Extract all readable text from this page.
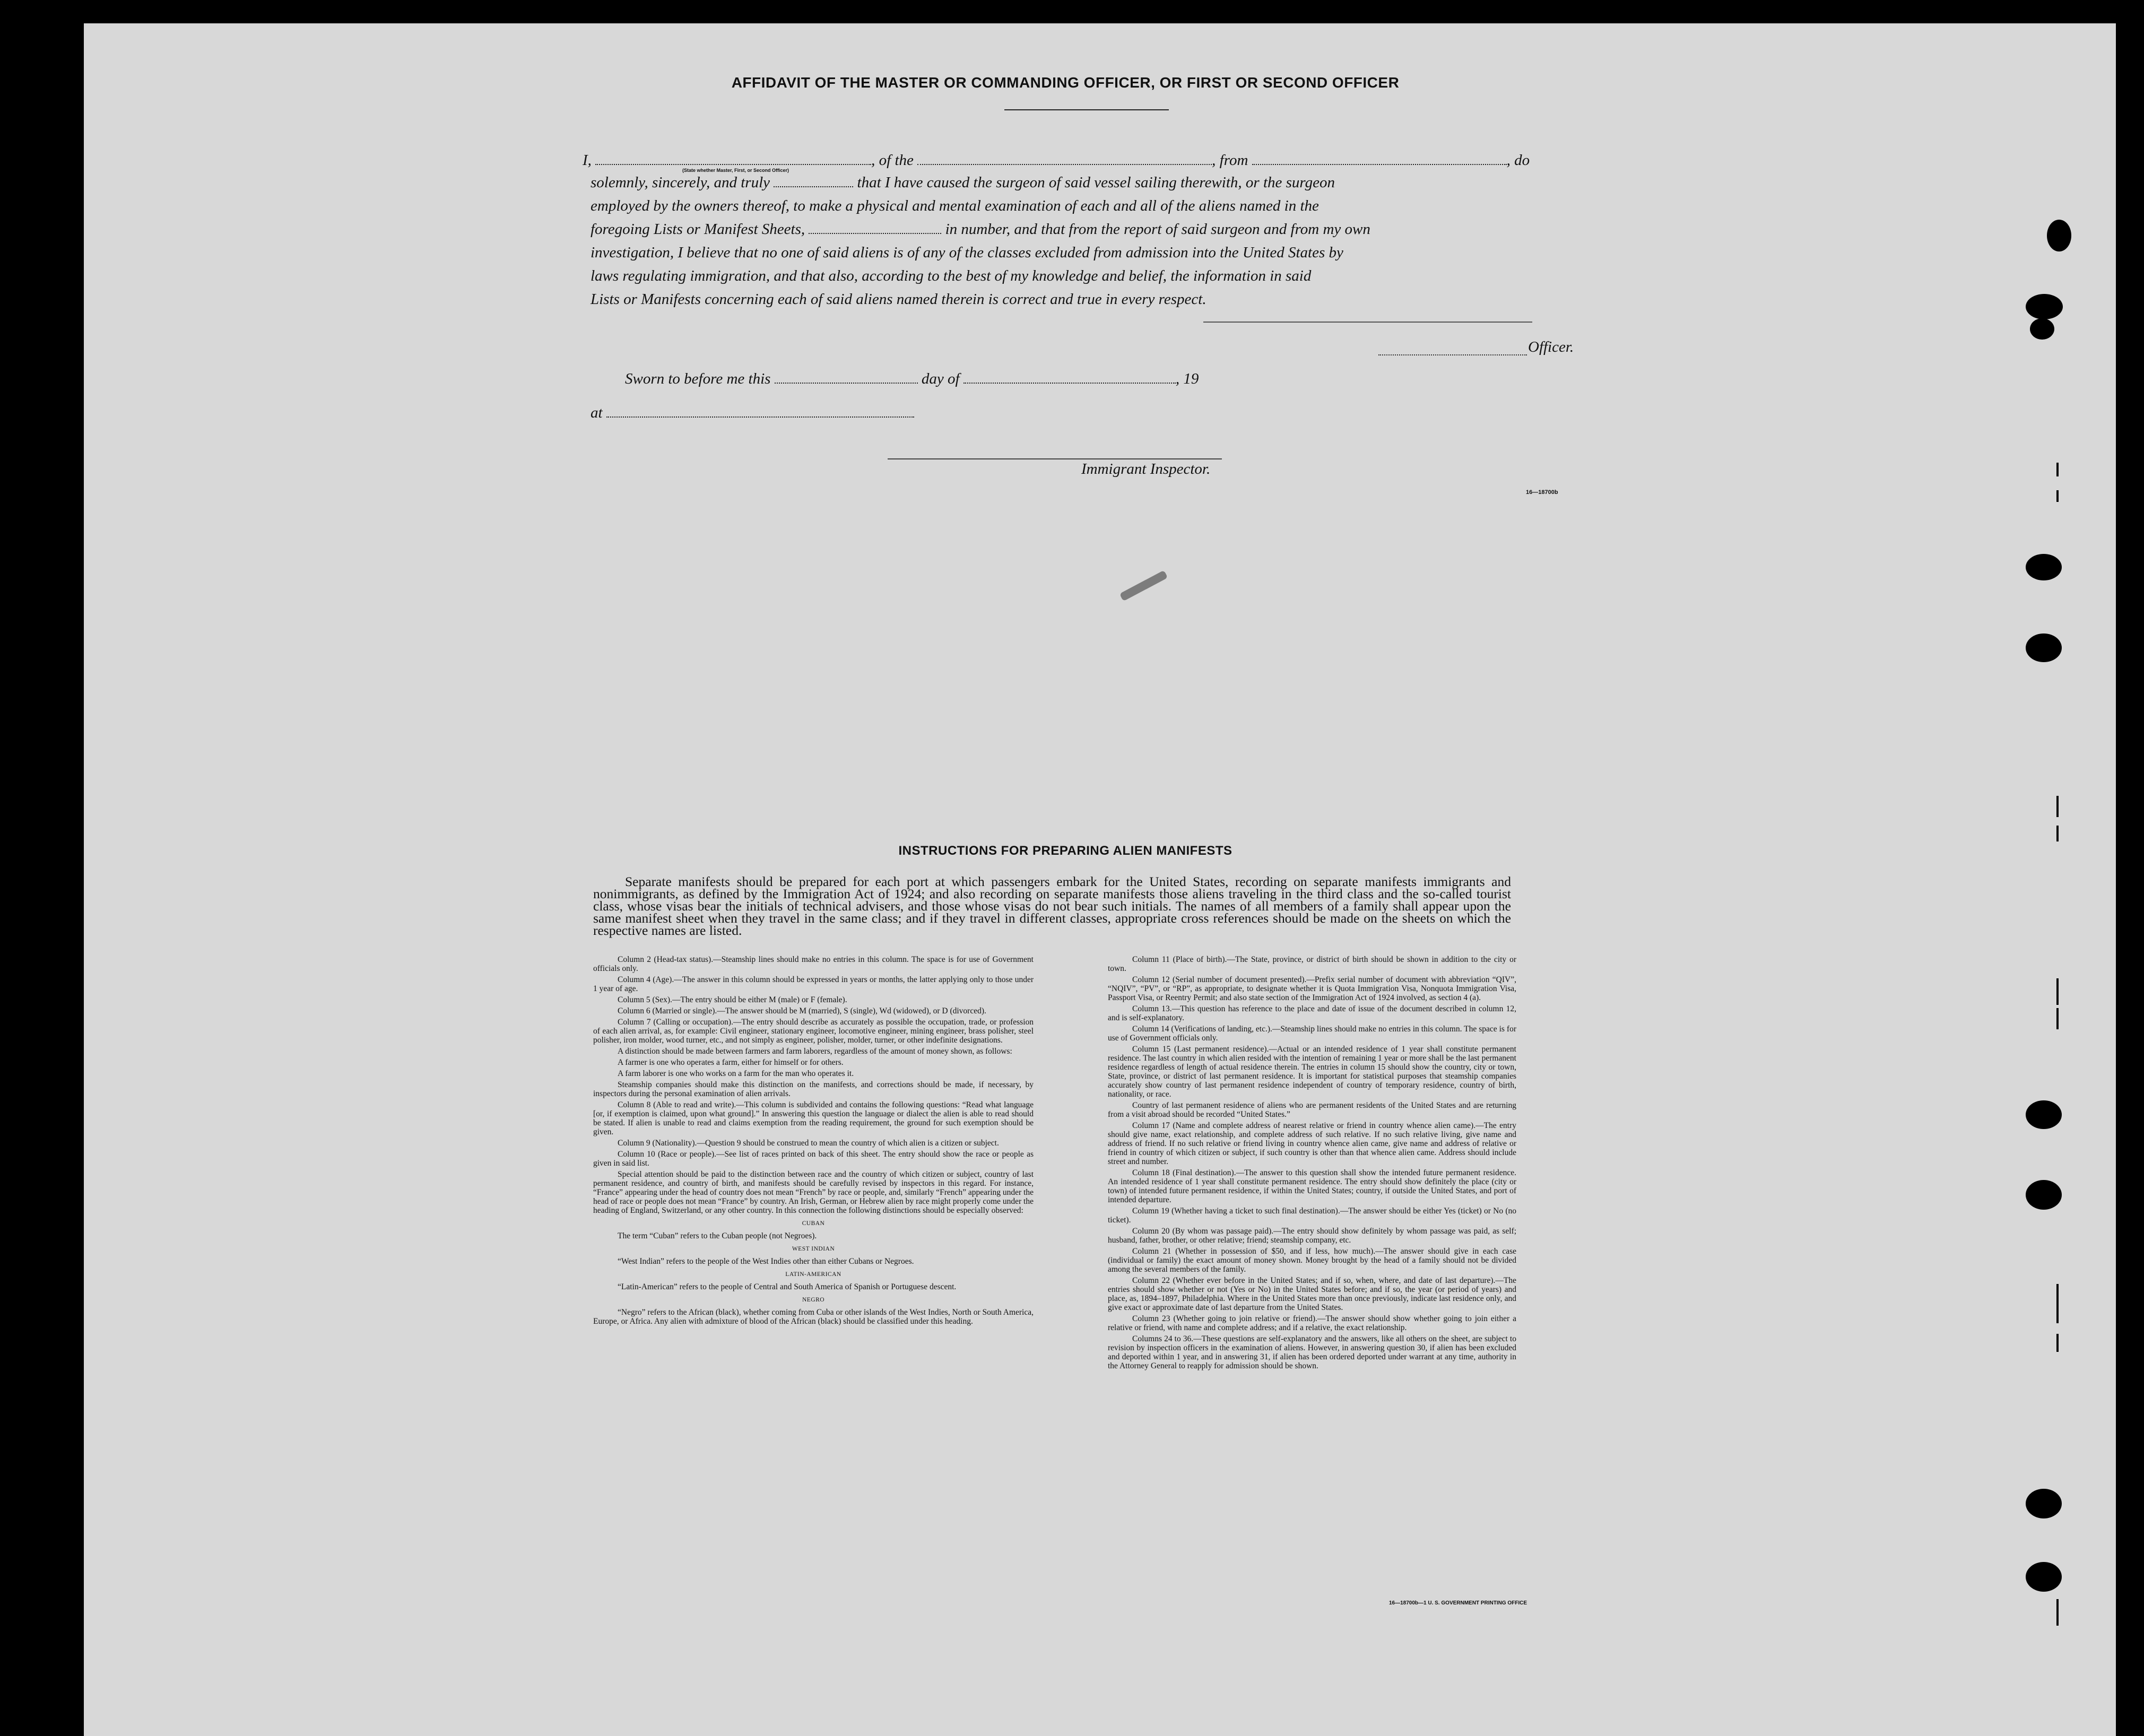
AFFIDAVIT OF THE MASTER OR COMMANDING OFFICER, OR FIRST OR SECOND OFFICER
I,	, of the	, from	, do
(State whether Master, First, or Second Officer)
solemnly, sincerely, and truly	that I have caused the surgeon of said vessel sailing therewith, or the surgeon
employed by the owners thereof, to make a physical and mental examination of each and all of the aliens named in the
foregoing Lists or Manifest Sheets,	in number, and that from the report of said surgeon and from my own
investigation, I believe that no one of said aliens is of any of the classes excluded from admission into the United States by
laws regulating immigration, and that also, according to the best of my knowledge and belief, the information in said
Lists or Manifests concerning each of said aliens named therein is correct and true in every respect.
Officer.
Sworn to before me this	day of	, 19
at
Immigrant Inspector.
16—18700b
INSTRUCTIONS FOR PREPARING ALIEN MANIFESTS
Separate manifests should be prepared for each port at which passengers embark for the United States, recording on separate manifests immigrants and nonimmigrants, as defined by the Immigration Act of 1924; and also recording on separate manifests those aliens traveling in the third class and the so-called tourist class, whose visas bear the initials of technical advisers, and those whose visas do not bear such initials. The names of all members of a family shall appear upon the same manifest sheet when they travel in the same class; and if they travel in different classes, appropriate cross references should be made on the sheets on which the respective names are listed.

Column 2 (Head-tax status).—Steamship lines should make no entries in this column. The space is for use of Government officials only.

Column 4 (Age).—The answer in this column should be expressed in years or months, the latter applying only to those under 1 year of age.

Column 5 (Sex).—The entry should be either M (male) or F (female).

Column 6 (Married or single).—The answer should be M (married), S (single), Wd (widowed), or D (divorced).

Column 7 (Calling or occupation).—The entry should describe as accurately as possible the occupation, trade, or profession of each alien arrival, as, for example: Civil engineer, stationary engineer, locomotive engineer, mining engineer, brass polisher, steel polisher, iron molder, wood turner, etc., and not simply as engineer, polisher, molder, turner, or other indefinite designations.

A distinction should be made between farmers and farm laborers, regardless of the amount of money shown, as follows:

A farmer is one who operates a farm, either for himself or for others.

A farm laborer is one who works on a farm for the man who operates it.

Steamship companies should make this distinction on the manifests, and corrections should be made, if necessary, by inspectors during the personal examination of alien arrivals.

Column 8 (Able to read and write).—This column is subdivided and contains the following questions: “Read what language [or, if exemption is claimed, upon what ground].” In answering this question the language or dialect the alien is able to read should be stated. If alien is unable to read and claims exemption from the reading requirement, the ground for such exemption should be given.

Column 9 (Nationality).—Question 9 should be construed to mean the country of which alien is a citizen or subject.

Column 10 (Race or people).—See list of races printed on back of this sheet. The entry should show the race or people as given in said list.

Special attention should be paid to the distinction between race and the country of which citizen or subject, country of last permanent residence, and country of birth, and manifests should be carefully revised by inspectors in this regard. For instance, “France” appearing under the head of country does not mean “French” by race or people, and, similarly “French” appearing under the head of race or people does not mean “France” by country. An Irish, German, or Hebrew alien by race might properly come under the heading of England, Switzerland, or any other country. In this connection the following distinctions should be especially observed:

CUBAN

The term “Cuban” refers to the Cuban people (not Negroes).

WEST INDIAN

“West Indian” refers to the people of the West Indies other than either Cubans or Negroes.

LATIN-AMERICAN

“Latin-American” refers to the people of Central and South America of Spanish or Portuguese descent.

NEGRO

“Negro” refers to the African (black), whether coming from Cuba or other islands of the West Indies, North or South America, Europe, or Africa. Any alien with admixture of blood of the African (black) should be classified under this heading.

Column 11 (Place of birth).—The State, province, or district of birth should be shown in addition to the city or town.

Column 12 (Serial number of document presented).—Prefix serial number of document with abbreviation “QIV”, “NQIV”, “PV”, or “RP”, as appropriate, to designate whether it is Quota Immigration Visa, Nonquota Immigration Visa, Passport Visa, or Reentry Permit; and also state section of the Immigration Act of 1924 involved, as section 4 (a).

Column 13.—This question has reference to the place and date of issue of the document described in column 12, and is self-explanatory.

Column 14 (Verifications of landing, etc.).—Steamship lines should make no entries in this column. The space is for use of Government officials only.

Column 15 (Last permanent residence).—Actual or an intended residence of 1 year shall constitute permanent residence. The last country in which alien resided with the intention of remaining 1 year or more shall be the last permanent residence regardless of length of actual residence therein. The entries in column 15 should show the country, city or town, State, province, or district of last permanent residence. It is important for statistical purposes that steamship companies accurately show country of last permanent residence independent of country of temporary residence, country of birth, nationality, or race.

Country of last permanent residence of aliens who are permanent residents of the United States and are returning from a visit abroad should be recorded “United States.”

Column 17 (Name and complete address of nearest relative or friend in country whence alien came).—The entry should give name, exact relationship, and complete address of such relative. If no such relative living, give name and address of friend. If no such relative or friend living in country whence alien came, give name and address of relative or friend in country of which citizen or subject, if such country is other than that whence alien came. Address should include street and number.

Column 18 (Final destination).—The answer to this question shall show the intended future permanent residence. An intended residence of 1 year shall constitute permanent residence. The entry should show definitely the place (city or town) of intended future permanent residence, if within the United States; country, if outside the United States, and port of intended departure.

Column 19 (Whether having a ticket to such final destination).—The answer should be either Yes (ticket) or No (no ticket).

Column 20 (By whom was passage paid).—The entry should show definitely by whom passage was paid, as self; husband, father, brother, or other relative; friend; steamship company, etc.

Column 21 (Whether in possession of $50, and if less, how much).—The answer should give in each case (individual or family) the exact amount of money shown. Money brought by the head of a family should not be divided among the several members of the family.

Column 22 (Whether ever before in the United States; and if so, when, where, and date of last departure).—The entries should show whether or not (Yes or No) in the United States before; and if so, the year (or period of years) and place, as, 1894–1897, Philadelphia. Where in the United States more than once previously, indicate last residence only, and give exact or approximate date of last departure from the United States.

Column 23 (Whether going to join relative or friend).—The answer should show whether going to join either a relative or friend, with name and complete address; and if a relative, the exact relationship.

Columns 24 to 36.—These questions are self-explanatory and the answers, like all others on the sheet, are subject to revision by inspection officers in the examination of aliens. However, in answering question 30, if alien has been excluded and deported within 1 year, and in answering 31, if alien has been ordered deported under warrant at any time, authority in the Attorney General to reapply for admission should be shown.

16—18700b—1 U. S. GOVERNMENT PRINTING OFFICE
